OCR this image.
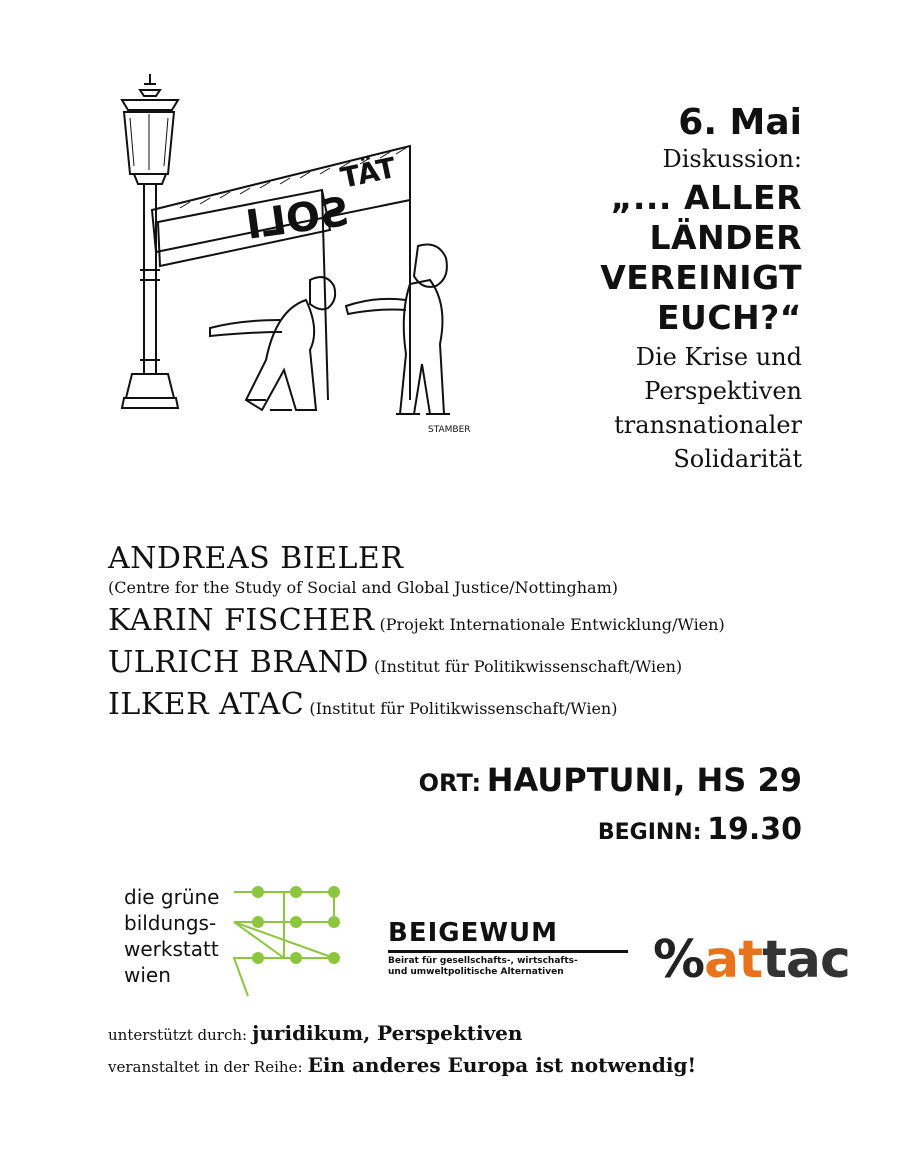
SOLI
TÄT
STAMBER
6. Mai
Diskussion:
„... ALLER
LÄNDER
VEREINIGT
EUCH?“
Die Krise und
Perspektiven
transnationaler
Solidarität
ANDREAS BIELER
(Centre for the Study of Social and Global Justice/Nottingham)
KARIN FISCHER (Projekt Internationale Entwicklung/Wien)
ULRICH BRAND (Institut für Politikwissenschaft/Wien)
ILKER ATAC (Institut für Politikwissenschaft/Wien)
ORT: HAUPTUNI, HS 29
BEGINN: 19.30
die grüne
bildungs-
werkstatt
wien
BEIGEWUM
Beirat für gesellschafts-, wirtschafts-
und umweltpolitische Alternativen	%attac
unterstützt durch: juridikum, Perspektiven
veranstaltet in der Reihe: Ein anderes Europa ist notwendig!
